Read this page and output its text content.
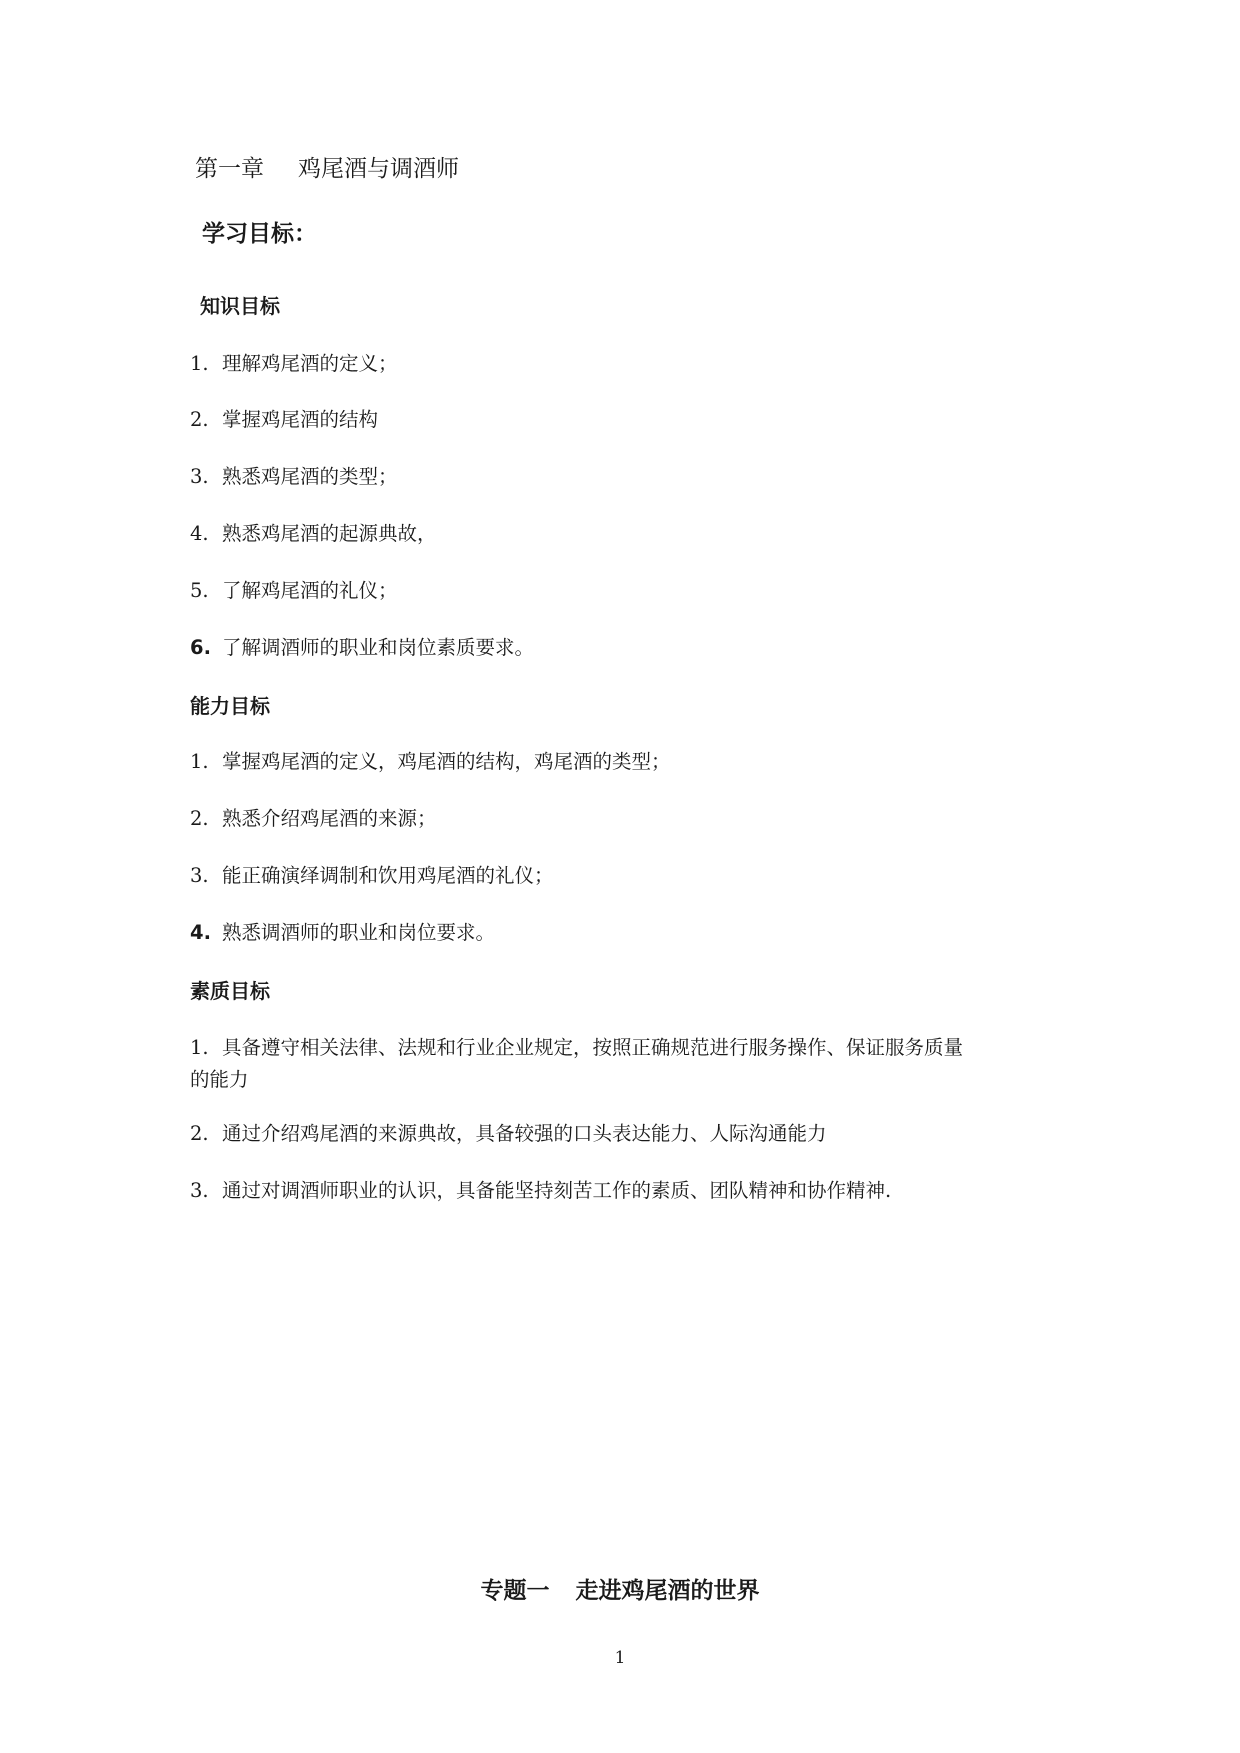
第一章 鸡尾酒与调酒师
学习目标：
知识目标
1. 理解鸡尾酒的定义；
2. 掌握鸡尾酒的结构
3. 熟悉鸡尾酒的类型；
4. 熟悉鸡尾酒的起源典故，
5. 了解鸡尾酒的礼仪；
6. 了解调酒师的职业和岗位素质要求。
能力目标
1. 掌握鸡尾酒的定义，鸡尾酒的结构，鸡尾酒的类型；
2. 熟悉介绍鸡尾酒的来源；
3. 能正确演绎调制和饮用鸡尾酒的礼仪；
4. 熟悉调酒师的职业和岗位要求。
素质目标
1. 具备遵守相关法律、法规和行业企业规定，按照正确规范进行服务操作、保证服务质量
的能力
2. 通过介绍鸡尾酒的来源典故，具备较强的口头表达能力、人际沟通能力
3. 通过对调酒师职业的认识，具备能坚持刻苦工作的素质、团队精神和协作精神.
专题一 走进鸡尾酒的世界
1
